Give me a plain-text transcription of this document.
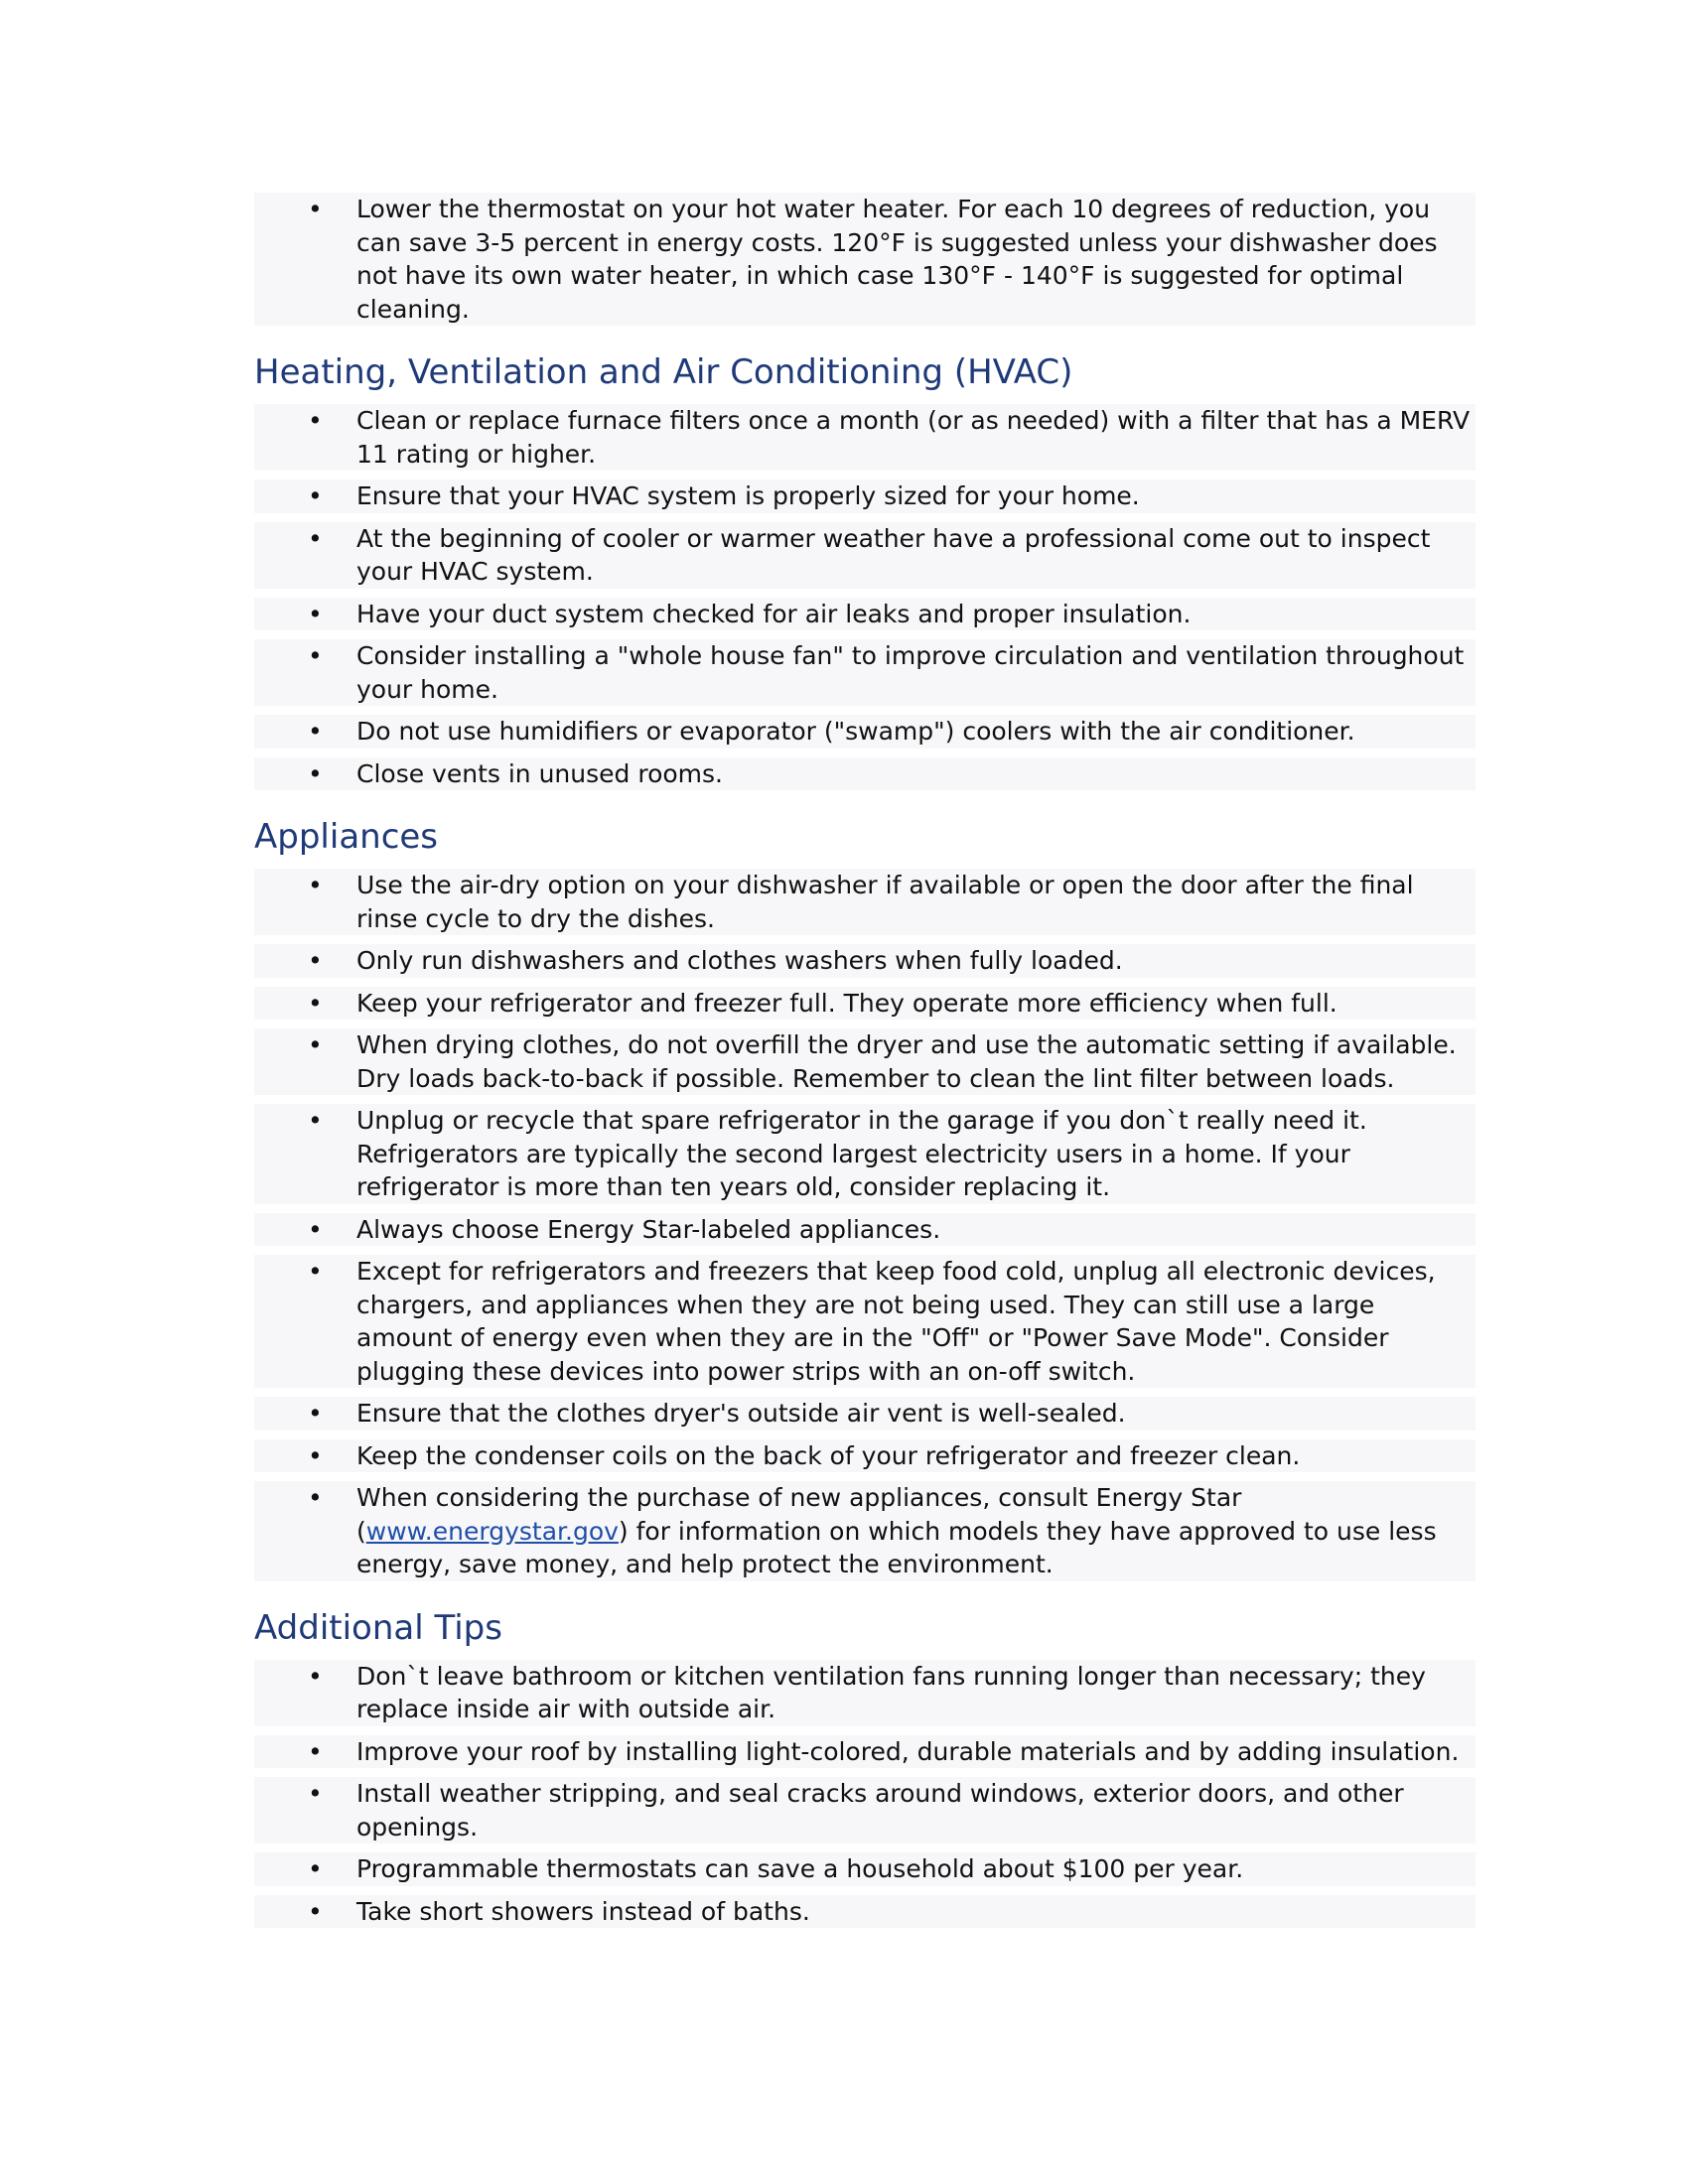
• Lower the thermostat on your hot water heater. For each 10 degrees of reduction, you can save 3-5 percent in energy costs. 120°F is suggested unless your dishwasher does not have its own water heater, in which case 130°F - 140°F is suggested for optimal cleaning.
Heating, Ventilation and Air Conditioning (HVAC)
• Clean or replace furnace filters once a month (or as needed) with a filter that has a MERV 11 rating or higher.
• Ensure that your HVAC system is properly sized for your home.
• At the beginning of cooler or warmer weather have a professional come out to inspect your HVAC system.
• Have your duct system checked for air leaks and proper insulation.
• Consider installing a "whole house fan" to improve circulation and ventilation throughout your home.
• Do not use humidifiers or evaporator ("swamp") coolers with the air conditioner.
• Close vents in unused rooms.
Appliances
• Use the air-dry option on your dishwasher if available or open the door after the final rinse cycle to dry the dishes.
• Only run dishwashers and clothes washers when fully loaded.
• Keep your refrigerator and freezer full. They operate more efficiency when full.
• When drying clothes, do not overfill the dryer and use the automatic setting if available. Dry loads back-to-back if possible. Remember to clean the lint filter between loads.
• Unplug or recycle that spare refrigerator in the garage if you don`t really need it. Refrigerators are typically the second largest electricity users in a home. If your refrigerator is more than ten years old, consider replacing it.
• Always choose Energy Star-labeled appliances.
• Except for refrigerators and freezers that keep food cold, unplug all electronic devices, chargers, and appliances when they are not being used. They can still use a large amount of energy even when they are in the "Off" or "Power Save Mode". Consider plugging these devices into power strips with an on-off switch.
• Ensure that the clothes dryer's outside air vent is well-sealed.
• Keep the condenser coils on the back of your refrigerator and freezer clean.
• When considering the purchase of new appliances, consult Energy Star (www.energystar.gov) for information on which models they have approved to use less energy, save money, and help protect the environment.
Additional Tips
• Don`t leave bathroom or kitchen ventilation fans running longer than necessary; they replace inside air with outside air.
• Improve your roof by installing light-colored, durable materials and by adding insulation.
• Install weather stripping, and seal cracks around windows, exterior doors, and other openings.
• Programmable thermostats can save a household about $100 per year.
• Take short showers instead of baths.
